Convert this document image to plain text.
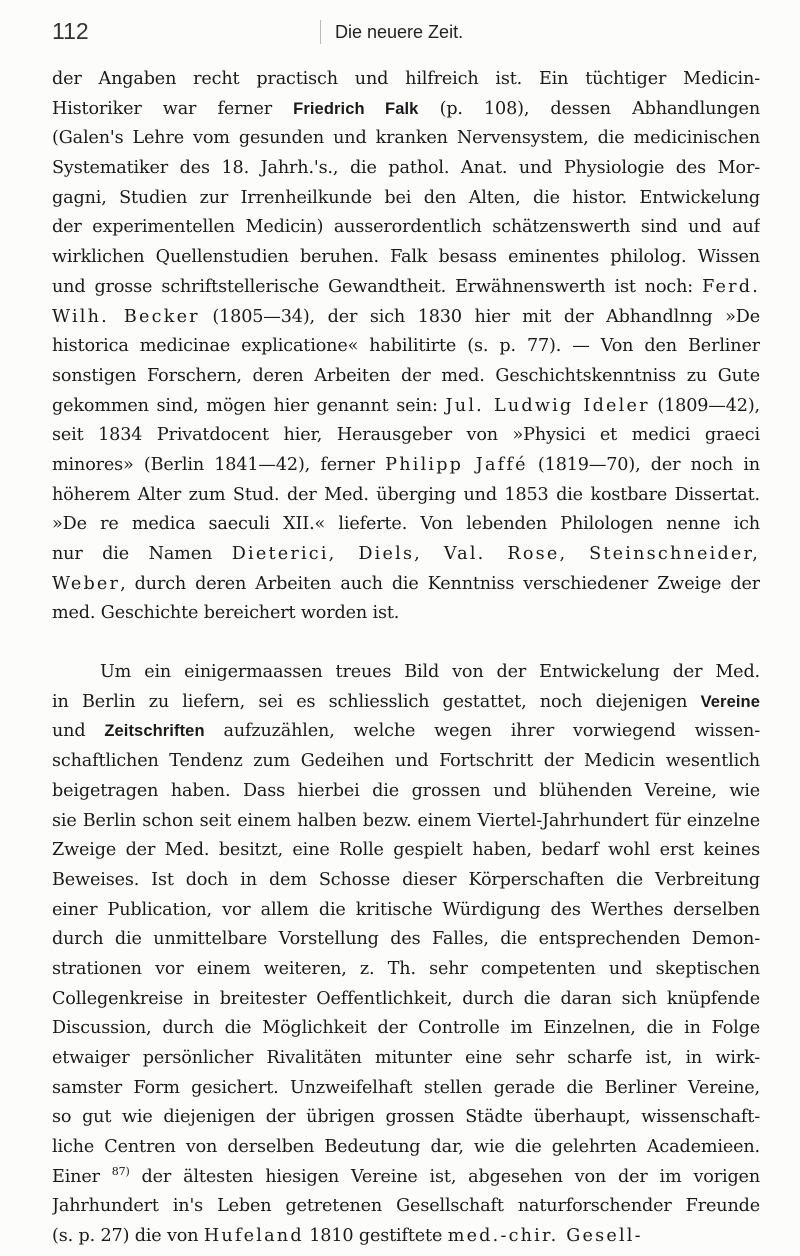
112	Die neuere Zeit.
der Angaben recht practisch und hilfreich ist. Ein tüchtiger Medicin-
Historiker war ferner Friedrich Falk (p. 108), dessen Abhandlungen
(Galen's Lehre vom gesunden und kranken Nervensystem, die medicinischen
Systematiker des 18. Jahrh.'s., die pathol. Anat. und Physiologie des Mor-
gagni, Studien zur Irrenheilkunde bei den Alten, die histor. Entwickelung
der experimentellen Medicin) ausserordentlich schätzenswerth sind und auf
wirklichen Quellenstudien beruhen. Falk besass eminentes philolog. Wissen
und grosse schriftstellerische Gewandtheit. Erwähnenswerth ist noch: Ferd.
Wilh. Becker (1805—34), der sich 1830 hier mit der Abhandlnng »De
historica medicinae explicatione« habilitirte (s. p. 77). — Von den Berliner
sonstigen Forschern, deren Arbeiten der med. Geschichtskenntniss zu Gute
gekommen sind, mögen hier genannt sein: Jul. Ludwig Ideler (1809—42),
seit 1834 Privatdocent hier, Herausgeber von »Physici et medici graeci
minores» (Berlin 1841—42), ferner Philipp Jaffé (1819—70), der noch in
höherem Alter zum Stud. der Med. überging und 1853 die kostbare Dissertat.
»De re medica saeculi XII.« lieferte. Von lebenden Philologen nenne ich
nur die Namen Dieterici, Diels, Val. Rose, Steinschneider,
Weber, durch deren Arbeiten auch die Kenntniss verschiedener Zweige der
med. Geschichte bereichert worden ist.
Um ein einigermaassen treues Bild von der Entwickelung der Med.
in Berlin zu liefern, sei es schliesslich gestattet, noch diejenigen Vereine
und Zeitschriften aufzuzählen, welche wegen ihrer vorwiegend wissen-
schaftlichen Tendenz zum Gedeihen und Fortschritt der Medicin wesentlich
beigetragen haben. Dass hierbei die grossen und blühenden Vereine, wie
sie Berlin schon seit einem halben bezw. einem Viertel-Jahrhundert für einzelne
Zweige der Med. besitzt, eine Rolle gespielt haben, bedarf wohl erst keines
Beweises. Ist doch in dem Schosse dieser Körperschaften die Verbreitung
einer Publication, vor allem die kritische Würdigung des Werthes derselben
durch die unmittelbare Vorstellung des Falles, die entsprechenden Demon-
strationen vor einem weiteren, z. Th. sehr competenten und skeptischen
Collegenkreise in breitester Oeffentlichkeit, durch die daran sich knüpfende
Discussion, durch die Möglichkeit der Controlle im Einzelnen, die in Folge
etwaiger persönlicher Rivalitäten mitunter eine sehr scharfe ist, in wirk-
samster Form gesichert. Unzweifelhaft stellen gerade die Berliner Vereine,
so gut wie diejenigen der übrigen grossen Städte überhaupt, wissenschaft-
liche Centren von derselben Bedeutung dar, wie die gelehrten Academieen.
Einer $^{87)}$ der ältesten hiesigen Vereine ist, abgesehen von der im vorigen
Jahrhundert in's Leben getretenen Gesellschaft naturforschender Freunde
(s. p. 27) die von Hufeland 1810 gestiftete med.-chir. Gesell-
